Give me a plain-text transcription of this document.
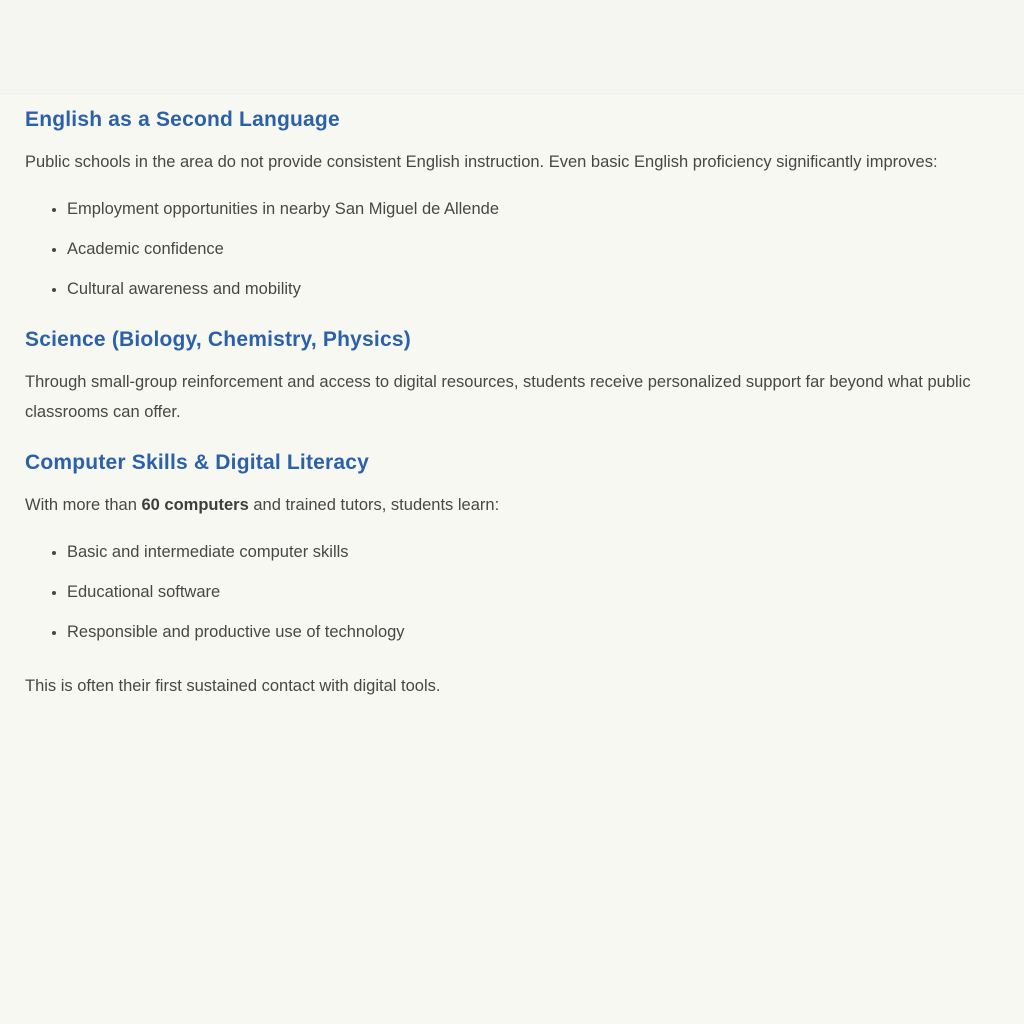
English as a Second Language

Public schools in the area do not provide consistent English instruction. Even basic English proficiency significantly improves:

• Employment opportunities in nearby San Miguel de Allende
• Academic confidence
• Cultural awareness and mobility
Science (Biology, Chemistry, Physics)

Through small-group reinforcement and access to digital resources, students receive personalized support far beyond what public classrooms can offer.

Computer Skills & Digital Literacy

With more than 60 computers and trained tutors, students learn:

• Basic and intermediate computer skills
• Educational software
• Responsible and productive use of technology

This is often their first sustained contact with digital tools.
